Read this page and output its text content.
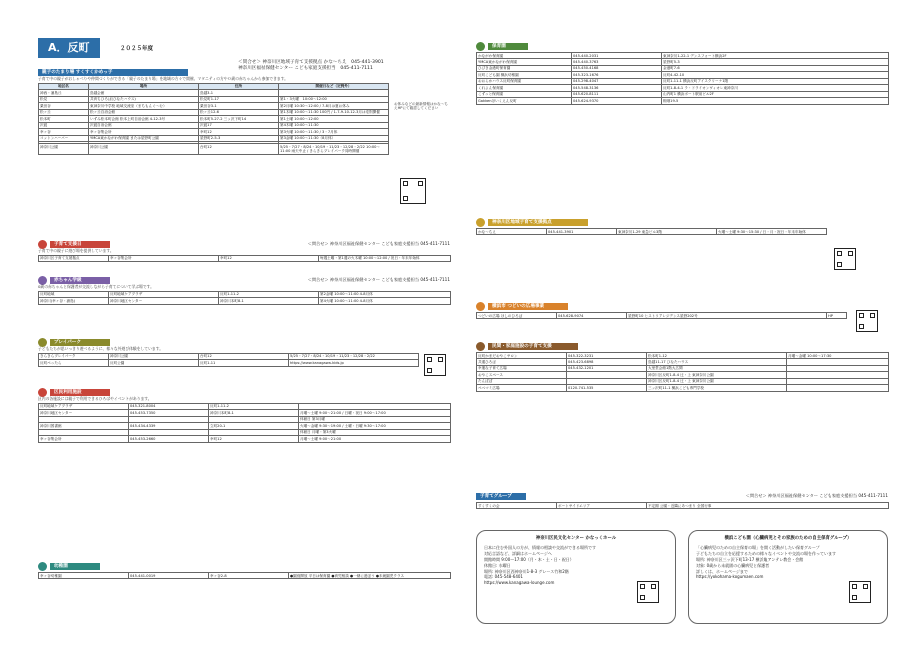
A．反町	２０２５年度
＜問合せ＞ 神奈川区地域子育て支援拠点 かな〜ちえ　045-441-3901
神奈川区福祉保健センター こども家庭支援担当　045-411-7111
親子のたまり場 すくすくかめっ子
子育て中の親子がおしゃべりや仲間づくりができる「親子のたまり場」を地域の方々で開催。マタニティの方や０歳の赤ちゃんから参加できます。
地区名	場所	住所	開催日など（定例外）
神西・浦島丘	鳥越会館	鳥越3-1	
松見	共育ちひろば(ひなたハウス)	松見町1-17	第1・3火曜　10:00〜12:00
栗田谷	東神奈川中学校 地域交流室（まちもんぐ〜む）	栗田谷3-1	第2月曜 10:30〜12:00 / 7-8月は夏お休み
松ヶ丘	松ヶ丘自治会館	松ヶ丘12-6	第1木曜 10:00〜11:30 100円 / 1-7-9-10-12-3月は変則開催
松本町	いずみ松本町会館 松本上町自治会館 4-12-3号	松本町5-27-2 三ッ沢下町14	第1土曜 10:00〜12:00
沢渡	沢渡自治会館	沢渡17	第4木曜 10:00〜11:30
幸ヶ谷	幸ヶ谷集会所	幸町12	第3火曜 10:00〜11:30 / 3・7月休
コットンハーバー	YMCA東かながわ保育園 または星野町公園	星野町2-5-3	第3金曜 10:00〜11:30（8月休）

神奈川公園	神奈川公園	台町12	5/25・7/27・8/24・10/19・11/23・12/28・2/22 10:00〜11:00 雨天中止 / きらきらプレイパーク同時開催
お休みなどの最新情報はかな〜ちえHPにて確認してください
子育て支援日	＜問合せ＞ 神奈川区福祉保健センター こども家庭支援担当 045-411-7111
子育て中の親子に遊び場を提供しています。
神奈川区子育て支援拠点	幸ヶ谷集会所	幸町12	毎週土曜・第1週の火木曜 10:00〜12:00 / 祝日・年末年始休
赤ちゃん学級	＜問合せ＞ 神奈川区福祉保健センター こども家庭支援担当 045-411-7111
0歳の赤ちゃんと保護者が交流しながら子育てについて学ぶ場です。
反町地域	反町地域ケアプラザ	反町1-11-2	第2金曜 10:00〜11:00 4-8月休
神奈川(幸ヶ谷・浦島)	神奈川地区センター	神奈川本町8-1	第4火曜 10:00〜11:00 4-8月休
プレイパーク
子どもたちが思いっきり遊べるように、様々な外遊び体験をしています。
きらきらプレイパーク	神奈川公園	台町12	5/25・7/27・8/24・10/19・11/23・12/28・2/22
反町ぺったら	反町公園	反町1-11	https://www.kanagawa-kids.jp
区民利用施設
区内の各施設には親子で利用できるひろばやイベントがあります。
反町地域ケアプラザ	045-321-8004	反町1-11-2	
神奈川地区センター	045-453-7350	神奈川本町8-1	月曜〜土曜 9:00〜21:00 / 日曜・祝日 9:00〜17:00
			休館日 第3月曜
神奈川図書館	045-434-4339	立町20-1	火曜〜金曜 9:30〜19:00 / 土曜・日曜 9:30〜17:00
			休館日 月曜・第3火曜
幸ヶ谷集会所	045-453-2660	幸町12	月曜〜土曜 9:00〜21:00
幼稚園
幸ヶ谷幼稚園	045-441-0019	幸ヶ谷2-8	●園庭開放 平日は保育園 ●育児相談 ●一緒に遊ぼう ●未就園児クラス
保育園
かながわ保育園	045-440-2031	東神奈川1-22-1 デンスフォート横浜2F	
YMCA東かながわ保育園	045-440-3763	星野町5-3	
ひびき金港町保育園	045-450-4168	金港町7-6	
反町こども園 横浜幼稚園	045-323-1676	反町4-42-10	
おおらかハウス反町保育園	045-298-4047	反町1-11-1 横浜反町アイスクリーナ1階	
くれよん保育園	045-548-3136	反町1-8-4-1 ラ・ドライオンヴィオレ東神奈川	
こずっと保育園	045-620-8111	山内町1 横浜ポート駅前ビル2F	
Gakkenほいくえん反町	045-624-9370	桐畑19-5	
神奈川区地域子育て支援拠点
かな〜ちえ	045-441-3901	東神奈川1-29 東急ビル3階	火曜〜土曜 9:30〜15:30 / 日・月・祝日・年末年始休
横浜市 つどいの広場事業
つどいの広場 ほしのひろば	045-628-9074	星野町10 ヒストリアレジデンス星野202号	HP
民間・家庭施設の子育て支援
反町かまだおやこサロン	045-322-3231	松本町1-12	月曜〜金曜 10:00〜17:30
共通ひろば	045-423-6898	鳥越11-17 ひなたハウス	
幸運な子育て広場	045-432-1201	大里堂会館1階大広間	
おやこスペース		神奈川区反町1-8-4 辻・上 東神奈川公園	
たんぽぽ		神奈川区反町1-8-4 辻・上 東神奈川公園	
ぺべマミ広場	0120-741-535	三ッ沢町11-1 横浜こども専門学校	
子育てグループ	＜問合せ＞ 神奈川区福祉保健センター こども家庭支援担当 045-411-7111
すくすくの会	ポートサイドエリア	不定期 公園・近隣にあつまり 全国行事	
神奈川区民文化センター かなっくホール
日本に住む外国人の方が、情報の相談や交流ができる場所です
対応言語など、詳細はホームページへ
開館時間 9:00〜17:00（月・木・土・日・祝日）
休館日: 水曜日
場所: 神奈川区西神奈川1-8-3 グレース竹和2階
電話: 045-548-6401
https://www.kanagawa-lounge.com
横浜こども園（心臓病児とその家族のための自主保育グループ）
「心臓病児のための自主保育の場」を開く活動がしたい保育グループ
子どもたちの自立を応援するための様々なイベントや交流の場を作っています
場所: 神奈川区三ッ沢下町13-17 横浜亀アンテレ教会・会館
対象: 0歳から未就園の心臓病児と保護者
詳しくは、ホームページまで
https://yokohama-kogumaen.com
